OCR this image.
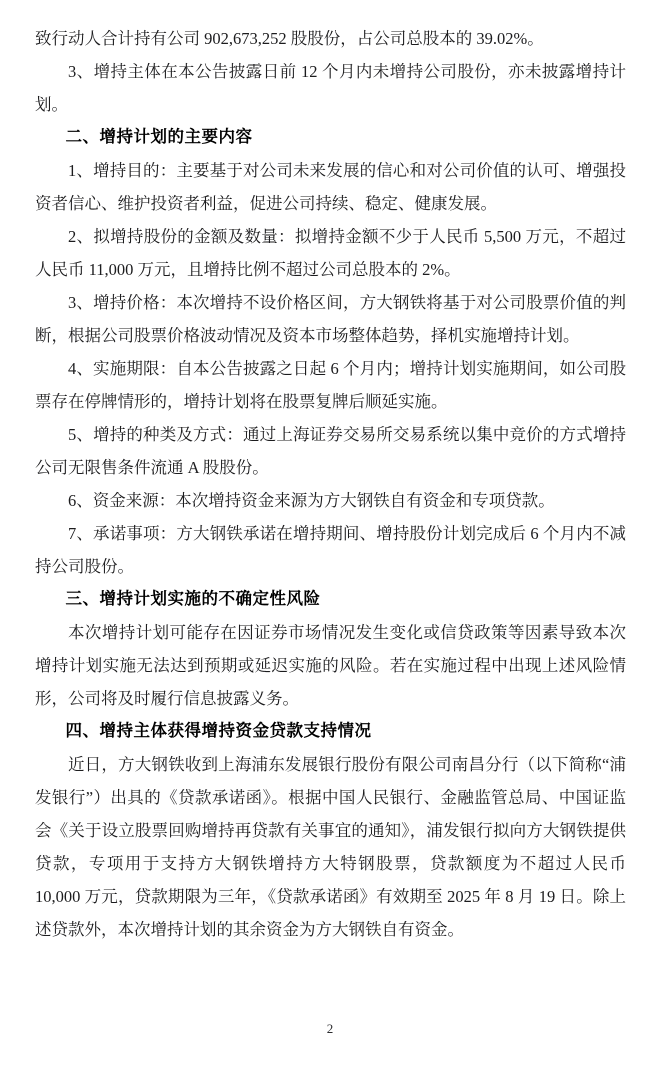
致行动人合计持有公司 902,673,252 股股份，占公司总股本的 39.02%。

3、增持主体在本公告披露日前 12 个月内未增持公司股份，亦未披露增持计划。

二、增持计划的主要内容

1、增持目的：主要基于对公司未来发展的信心和对公司价值的认可、增强投资者信心、维护投资者利益，促进公司持续、稳定、健康发展。

2、拟增持股份的金额及数量：拟增持金额不少于人民币 5,500 万元，不超过人民币 11,000 万元，且增持比例不超过公司总股本的 2%。

3、增持价格：本次增持不设价格区间，方大钢铁将基于对公司股票价值的判断，根据公司股票价格波动情况及资本市场整体趋势，择机实施增持计划。

4、实施期限：自本公告披露之日起 6 个月内；增持计划实施期间，如公司股票存在停牌情形的，增持计划将在股票复牌后顺延实施。

5、增持的种类及方式：通过上海证券交易所交易系统以集中竞价的方式增持公司无限售条件流通 A 股股份。

6、资金来源：本次增持资金来源为方大钢铁自有资金和专项贷款。

7、承诺事项：方大钢铁承诺在增持期间、增持股份计划完成后 6 个月内不减持公司股份。

三、增持计划实施的不确定性风险

本次增持计划可能存在因证券市场情况发生变化或信贷政策等因素导致本次增持计划实施无法达到预期或延迟实施的风险。若在实施过程中出现上述风险情形，公司将及时履行信息披露义务。

四、增持主体获得增持资金贷款支持情况

近日，方大钢铁收到上海浦东发展银行股份有限公司南昌分行（以下简称“浦发银行”）出具的《贷款承诺函》。根据中国人民银行、金融监管总局、中国证监会《关于设立股票回购增持再贷款有关事宜的通知》，浦发银行拟向方大钢铁提供贷款，专项用于支持方大钢铁增持方大特钢股票，贷款额度为不超过人民币 10,000 万元，贷款期限为三年，《贷款承诺函》有效期至 2025 年 8 月 19 日。除上述贷款外，本次增持计划的其余资金为方大钢铁自有资金。

2
